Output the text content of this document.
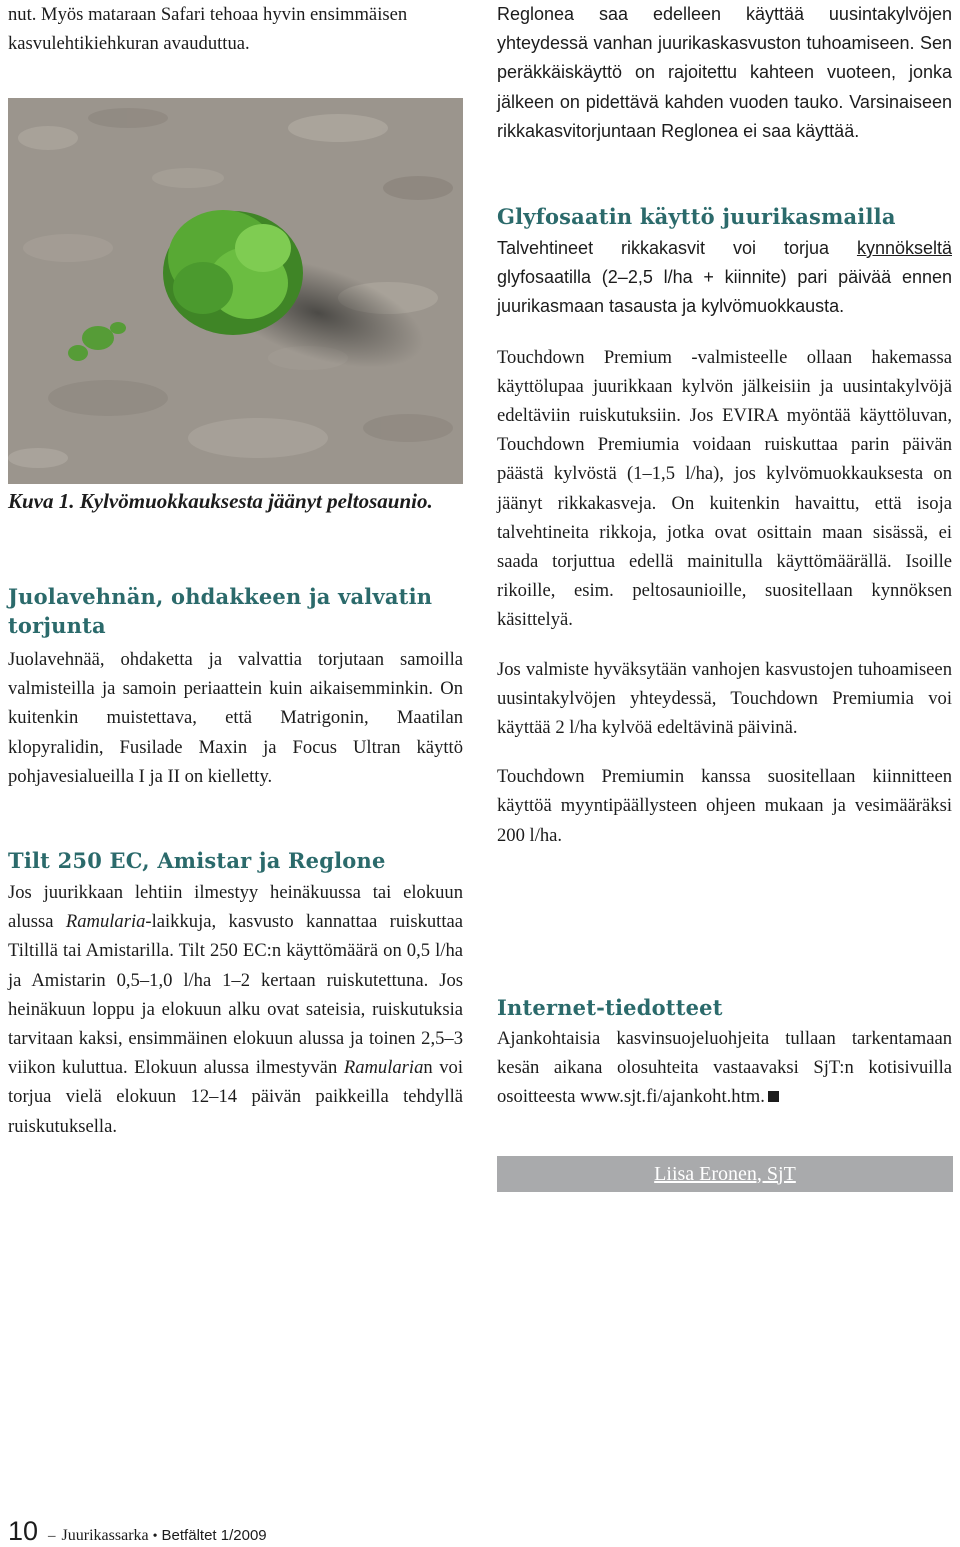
nut. Myös mataraan Safari tehoaa hyvin ensimmäisen kasvulehtikiehkuran avauduttua.

Kuva 1. Kylvömuokkauksesta jäänyt peltosaunio.

Juolavehnän, ohdakkeen ja valvatin torjunta

Juolavehnää, ohdaketta ja valvattia torjutaan samoilla valmisteilla ja samoin periaattein kuin aikaisemminkin. On kuitenkin muistettava, että Matrigonin, Maatilan klopyralidin, Fusilade Maxin ja Focus Ultran käyttö pohjavesialueilla I ja II on kielletty.

Tilt 250 EC, Amistar ja Reglone

Jos juurikkaan lehtiin ilmestyy heinäkuussa tai elokuun alussa Ramularia-laikkuja, kasvusto kannattaa ruiskuttaa Tiltillä tai Amistarilla. Tilt 250 EC:n käyttömäärä on 0,5 l/ha ja Amistarin 0,5–1,0 l/ha 1–2 kertaan ruiskutettuna. Jos heinäkuun loppu ja elokuun alku ovat sateisia, ruiskutuksia tarvitaan kaksi, ensimmäinen elokuun alussa ja toinen 2,5–3 viikon kuluttua. Elokuun alussa ilmestyvän Ramularian voi torjua vielä elokuun 12–14 päivän paikkeilla tehdyllä ruiskutuksella.

Reglonea saa edelleen käyttää uusintakylvöjen yhteydessä vanhan juurikaskasvuston tuhoamiseen. Sen peräkkäiskäyttö on rajoitettu kahteen vuoteen, jonka jälkeen on pidettävä kahden vuoden tauko. Varsinaiseen rikkakasvitorjuntaan Reglonea ei saa käyttää.

Glyfosaatin käyttö juurikasmailla

Talvehtineet rikkakasvit voi torjua kynnökseltä glyfosaatilla (2–2,5 l/ha + kiinnite) pari päivää ennen juurikasmaan tasausta ja kylvömuokkausta.

Touchdown Premium -valmisteelle ollaan hakemassa käyttölupaa juurikkaan kylvön jälkeisiin ja uusintakylvöjä edeltäviin ruiskutuksiin. Jos EVIRA myöntää käyttöluvan, Touchdown Premiumia voidaan ruiskuttaa parin päivän päästä kylvöstä (1–1,5 l/ha), jos kylvömuokkauksesta on jäänyt rikkakasveja. On kuitenkin havaittu, että isoja talvehtineita rikkoja, jotka ovat osittain maan sisässä, ei saada torjuttua edellä mainitulla käyttömäärällä. Isoille rikoille, esim. peltosaunioille, suositellaan kynnöksen käsittelyä.

Jos valmiste hyväksytään vanhojen kasvustojen tuhoamiseen uusintakylvöjen yhteydessä, Touchdown Premiumia voi käyttää 2 l/ha kylvöä edeltävinä päivinä.

Touchdown Premiumin kanssa suositellaan kiinnitteen käyttöä myyntipäällysteen ohjeen mukaan ja vesimääräksi 200 l/ha.

Internet-tiedotteet

Ajankohtaisia kasvinsuojeluohjeita tullaan tarkentamaan kesän aikana olosuhteita vastaavaksi SjT:n kotisivuilla osoitteesta www.sjt.fi/ajankoht.htm.

Liisa Eronen, SjT
10 – Juurikassarka • Betfältet 1/2009
